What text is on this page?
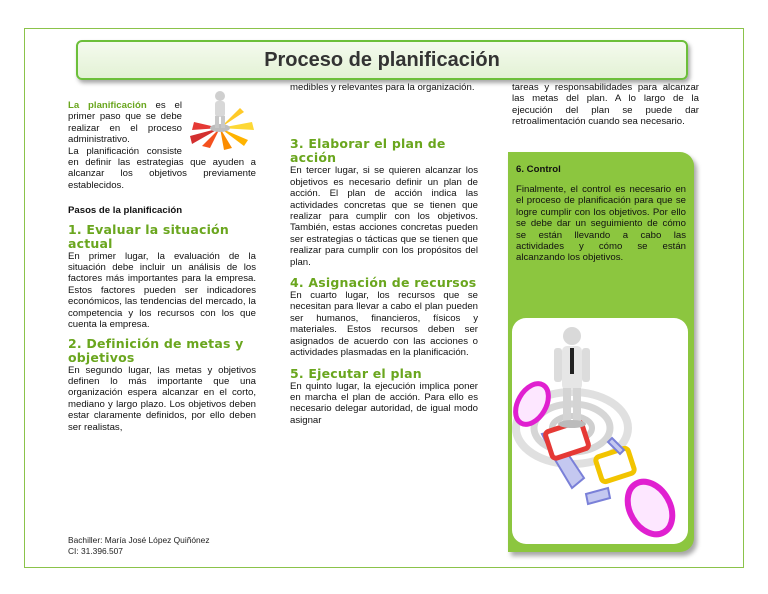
Proceso de planificación

La planificación es el primer paso que se debe realizar en el proceso administrativo.

La planificación consiste en definir las estrategias que ayuden a alcanzar los objetivos previamente establecidos.

Pasos de la planificación
1. Evaluar la situación actual

En primer lugar, la evaluación de la situación debe incluir un análisis de los factores más importantes para la empresa. Estos factores pueden ser indicadores económicos, las tendencias del mercado, la competencia y los recursos con los que cuenta la empresa.

2. Definición de metas y objetivos

En segundo lugar, las metas y objetivos definen lo más importante que una organización espera alcanzar en el corto, mediano y largo plazo. Los objetivos deben estar claramente definidos, por ello deben ser realistas,

medibles y relevantes para la organización.

3. Elaborar el plan de acción

En tercer lugar, si se quieren alcanzar los objetivos es necesario definir un plan de acción. El plan de acción indica las actividades concretas que se tienen que realizar para cumplir con los objetivos. También, estas acciones concretas pueden ser estrategias o tácticas que se tienen que realizar para cumplir con los propósitos del plan.

4. Asignación de recursos

En cuarto lugar, los recursos que se necesitan para llevar a cabo el plan pueden ser humanos, financieros, físicos y materiales. Estos recursos deben ser asignados de acuerdo con las acciones o actividades plasmadas en la planificación.

5. Ejecutar el plan

En quinto lugar, la ejecución implica poner en marcha el plan de acción. Para ello es necesario delegar autoridad, de igual modo asignar

tareas y responsabilidades para alcanzar las metas del plan. A lo largo de la ejecución del plan se puede dar retroalimentación cuando sea necesario.

6. Control

Finalmente, el control es necesario en el proceso de planificación para que se logre cumplir con los objetivos. Por ello se debe dar un seguimiento de cómo se están llevando a cabo las actividades y cómo se están alcanzando los objetivos.

Bachiller: María José López Quiñónez
CI: 31.396.507
